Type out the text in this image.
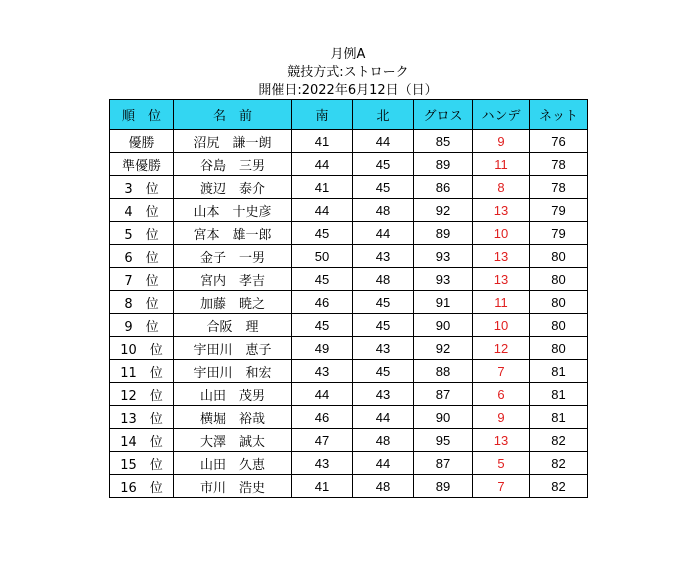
月例A
競技方式:ストローク
開催日:2022年6月12日（日）
順　位	名　前	南	北	グロス	ハンデ	ネット
優勝	沼尻　謙一朗	41	44	85	9	76
準優勝	谷島　三男	44	45	89	11	78
3　位	渡辺　泰介	41	45	86	8	78
4　位	山本　十史彦	44	48	92	13	79
5　位	宮本　雄一郎	45	44	89	10	79
6　位	金子　一男	50	43	93	13	80
7　位	宮内　孝吉	45	48	93	13	80
8　位	加藤　暁之	46	45	91	11	80
9　位	合阪　理	45	45	90	10	80
10　位	宇田川　恵子	49	43	92	12	80
11　位	宇田川　和宏	43	45	88	7	81
12　位	山田　茂男	44	43	87	6	81
13　位	横堀　裕哉	46	44	90	9	81
14　位	大澤　誠太	47	48	95	13	82
15　位	山田　久恵	43	44	87	5	82
16　位	市川　浩史	41	48	89	7	82
